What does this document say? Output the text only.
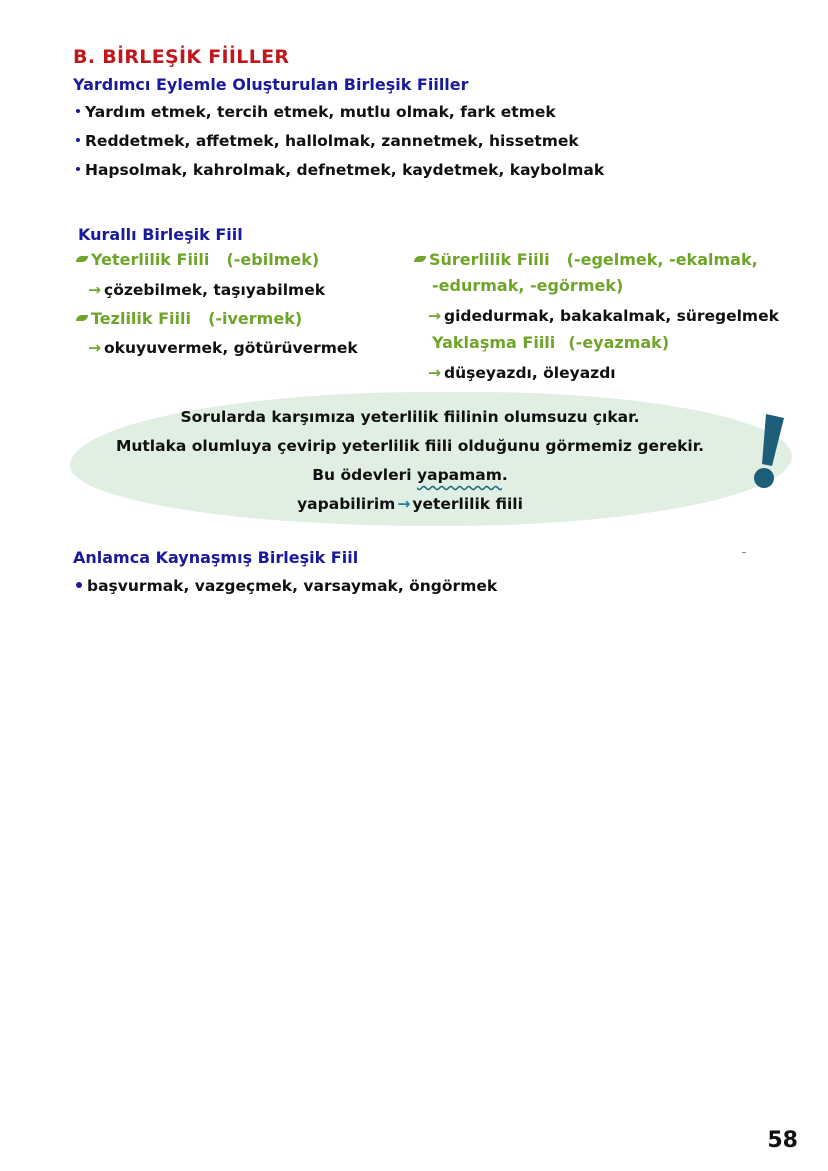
B. BİRLEŞİK FİİLLER
Yardımcı Eylemle Oluşturulan Birleşik Fiiller
Yardım etmek, tercih etmek, mutlu olmak, fark etmek
Reddetmek, affetmek, hallolmak, zannetmek, hissetmek
Hapsolmak, kahrolmak, defnetmek, kaydetmek, kaybolmak
Kurallı Birleşik Fiil
Yeterlilik Fiili (-ebilmek)
→ çözebilmek, taşıyabilmek
Tezlilik Fiili (-ivermek)
→ okuyuvermek, götürüvermek
Sürerlilik Fiili (-egelmek, -ekalmak,
-edurmak, -egörmek)
→ gidedurmak, bakakalmak, süregelmek
Yaklaşma Fiili (-eyazmak)
→ düşeyazdı, öleyazdı
Sorularda karşımıza yeterlilik fiilinin olumsuzu çıkar.
Mutlaka olumluya çevirip yeterlilik fiili olduğunu görmemiz gerekir.
Bu ödevleri yapamam.
yapabilirim → yeterlilik fiili
Anlamca Kaynaşmış Birleşik Fiil
başvurmak, vazgeçmek, varsaymak, öngörmek
58
